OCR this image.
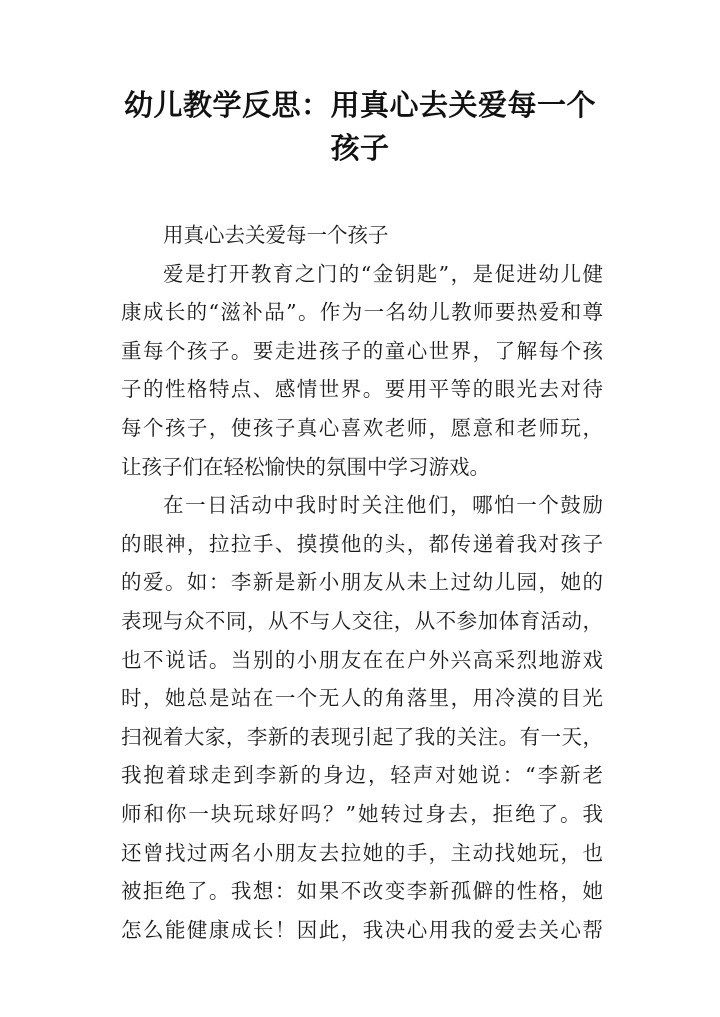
幼儿教学反思：用真心去关爱每一个
孩子
用真心去关爱每一个孩子
爱是打开教育之门的“金钥匙”，是促进幼儿健
康成长的“滋补品”。作为一名幼儿教师要热爱和尊
重每个孩子。要走进孩子的童心世界，了解每个孩
子的性格特点、感情世界。要用平等的眼光去对待
每个孩子，使孩子真心喜欢老师，愿意和老师玩，
让孩子们在轻松愉快的氛围中学习游戏。
在一日活动中我时时关注他们，哪怕一个鼓励
的眼神，拉拉手、摸摸他的头，都传递着我对孩子
的爱。如：李新是新小朋友从未上过幼儿园，她的
表现与众不同，从不与人交往，从不参加体育活动，
也不说话。当别的小朋友在在户外兴高采烈地游戏
时，她总是站在一个无人的角落里，用冷漠的目光
扫视着大家，李新的表现引起了我的关注。有一天，
我抱着球走到李新的身边，轻声对她说：“李新老
师和你一块玩球好吗？”她转过身去，拒绝了。我
还曾找过两名小朋友去拉她的手，主动找她玩，也
被拒绝了。我想：如果不改变李新孤僻的性格，她
怎么能健康成长！因此，我决心用我的爱去关心帮
